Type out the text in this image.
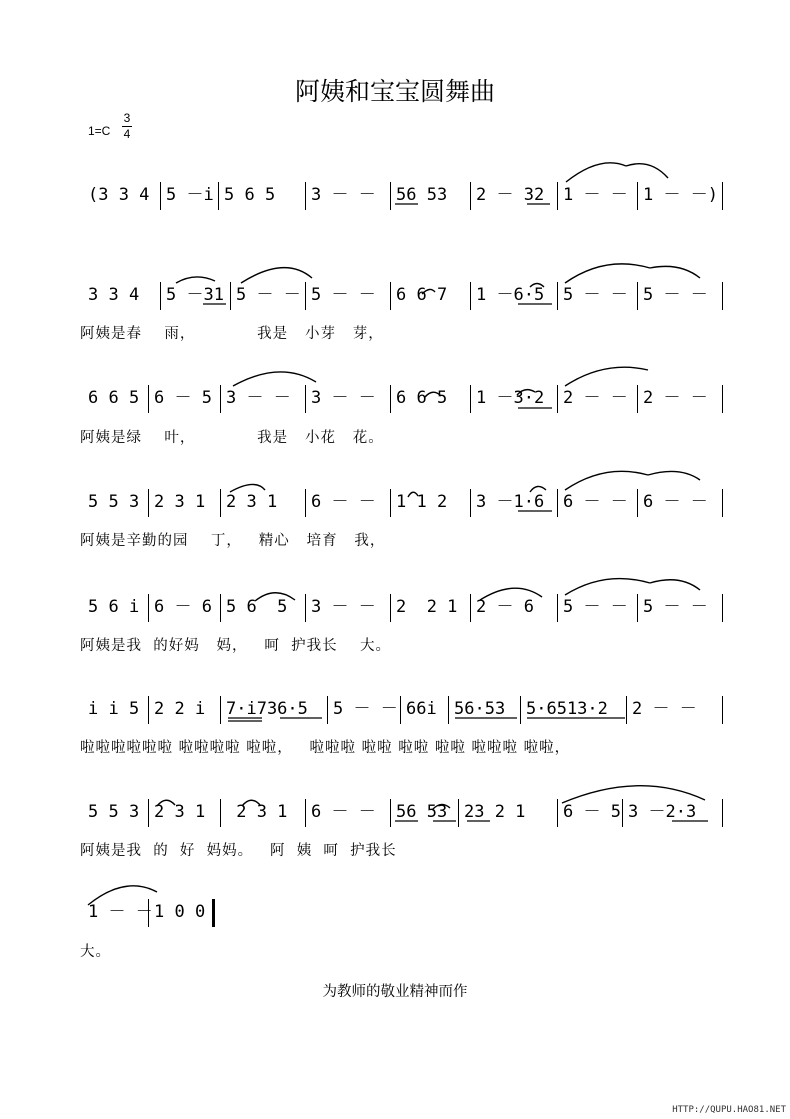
阿姨和宝宝圆舞曲
1=C
3
4
(3 3 4 5 －i 5 6 5	3 － －	56 53	2 － 32	1 － － 1 － －)
3 3 4	5 －31 5 － － 5 － －	6 6 7	1 －6·5	5 － － 5 － －
阿姨是春    雨，           我是   小芽   芽，
6 6 5 6 － 5 3 － －	3 － －	6 6 5	1 －3·2	2 － － 2 － －
阿姨是绿    叶，           我是   小花   花。
5 5 3 2 3 1	2 3 1	6 － －	1 1 2	3 －1·6	6 － － 6 － －
阿姨是辛勤的园    丁，   精心   培育   我，
5 6 i 6 － 6 5 6  5	3 － －	2  2 1	2 － 6	5 － － 5 － －
阿姨是我  的好妈   妈，   呵  护我长    大。
i i 5 2 2 i	7·i736·5	5 － － 66i	56·53	5·6513·2	2 － －
啦啦啦啦啦啦 啦啦啦啦 啦啦，   啦啦啦 啦啦 啦啦 啦啦 啦啦啦 啦啦，
5 5 3 2 3 1	2 3 1	6 － －	56 53 23 2 1	6 － 5 3 －2·3
阿姨是我  的  好  妈妈。   阿  姨  呵  护我长
1 － － 1 0 0
大。
为教师的敬业精神而作
HTTP://QUPU.HAO81.NET
